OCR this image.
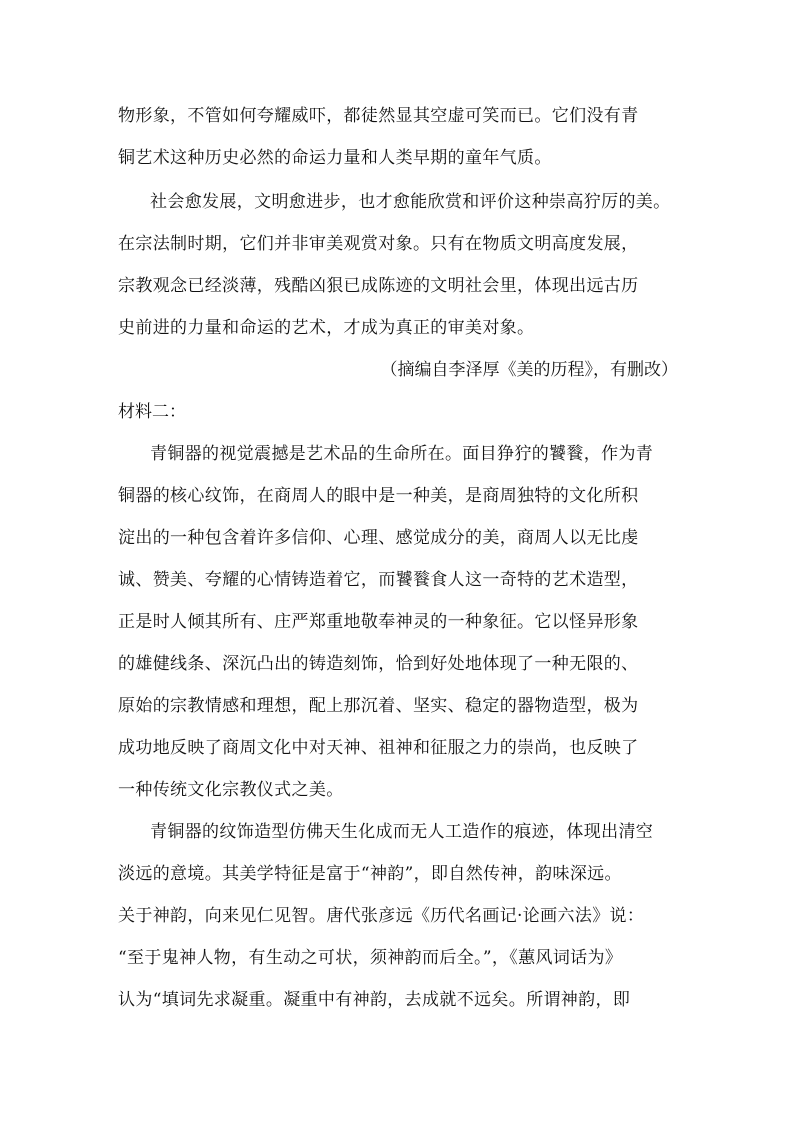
物形象，不管如何夸耀威吓，都徒然显其空虚可笑而已。它们没有青
铜艺术这种历史必然的命运力量和人类早期的童年气质。
社会愈发展，文明愈进步，也才愈能欣赏和评价这种崇高狞厉的美。
在宗法制时期，它们并非审美观赏对象。只有在物质文明高度发展，
宗教观念已经淡薄，残酷凶狠已成陈迹的文明社会里，体现出远古历
史前进的力量和命运的艺术，才成为真正的审美对象。
（摘编自李泽厚《美的历程》，有删改）
材料二：
青铜器的视觉震撼是艺术品的生命所在。面目狰狞的饕餮，作为青
铜器的核心纹饰，在商周人的眼中是一种美，是商周独特的文化所积
淀出的一种包含着许多信仰、心理、感觉成分的美，商周人以无比虔
诚、赞美、夸耀的心情铸造着它，而饕餮食人这一奇特的艺术造型，
正是时人倾其所有、庄严郑重地敬奉神灵的一种象征。它以怪异形象
的雄健线条、深沉凸出的铸造刻饰，恰到好处地体现了一种无限的、
原始的宗教情感和理想，配上那沉着、坚实、稳定的器物造型，极为
成功地反映了商周文化中对天神、祖神和征服之力的崇尚，也反映了
一种传统文化宗教仪式之美。
青铜器的纹饰造型仿佛天生化成而无人工造作的痕迹，体现出清空
淡远的意境。其美学特征是富于“神韵”，即自然传神，韵味深远。
关于神韵，向来见仁见智。唐代张彦远《历代名画记·论画六法》说：
“至于鬼神人物，有生动之可状，须神韵而后全。”，《蕙风词话为》
认为“填词先求凝重。凝重中有神韵，去成就不远矣。所谓神韵，即
